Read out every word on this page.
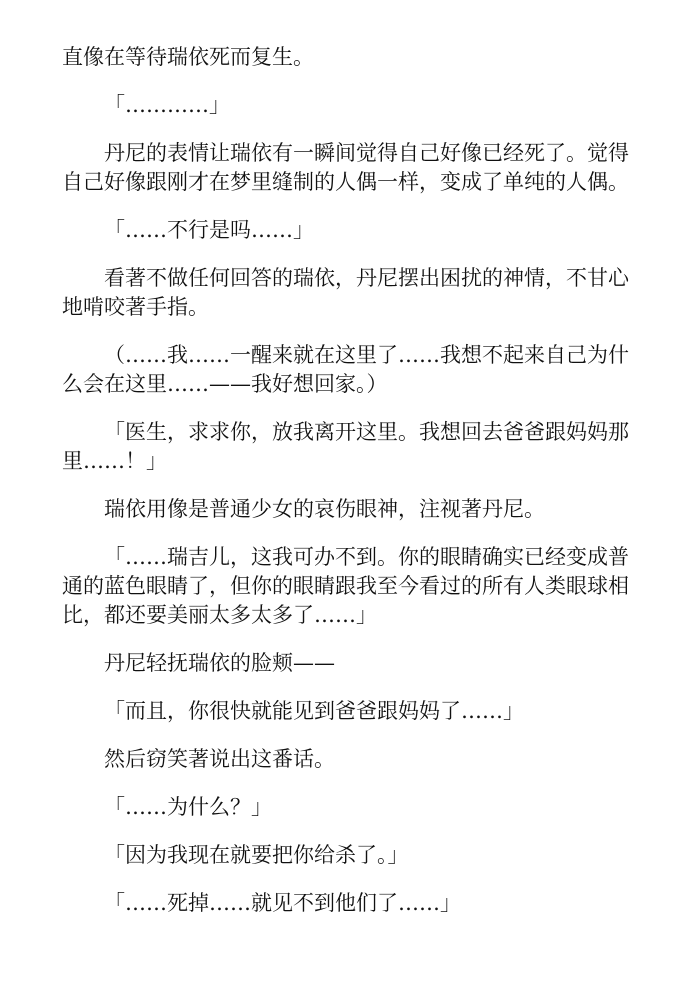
直像在等待瑞依死而复生。

「…………」

丹尼的表情让瑞依有一瞬间觉得自己好像已经死了。觉得自己好像跟刚才在梦里缝制的人偶一样，变成了单纯的人偶。

「……不行是吗……」

看著不做任何回答的瑞依，丹尼摆出困扰的神情，不甘心地啃咬著手指。

（……我……一醒来就在这里了……我想不起来自己为什么会在这里……——我好想回家。）

「医生，求求你，放我离开这里。我想回去爸爸跟妈妈那里……！」

瑞依用像是普通少女的哀伤眼神，注视著丹尼。

「……瑞吉儿，这我可办不到。你的眼睛确实已经变成普通的蓝色眼睛了，但你的眼睛跟我至今看过的所有人类眼球相比，都还要美丽太多太多了……」

丹尼轻抚瑞依的脸颊——

「而且，你很快就能见到爸爸跟妈妈了……」

然后窃笑著说出这番话。

「……为什么？」

「因为我现在就要把你给杀了。」

「……死掉……就见不到他们了……」
